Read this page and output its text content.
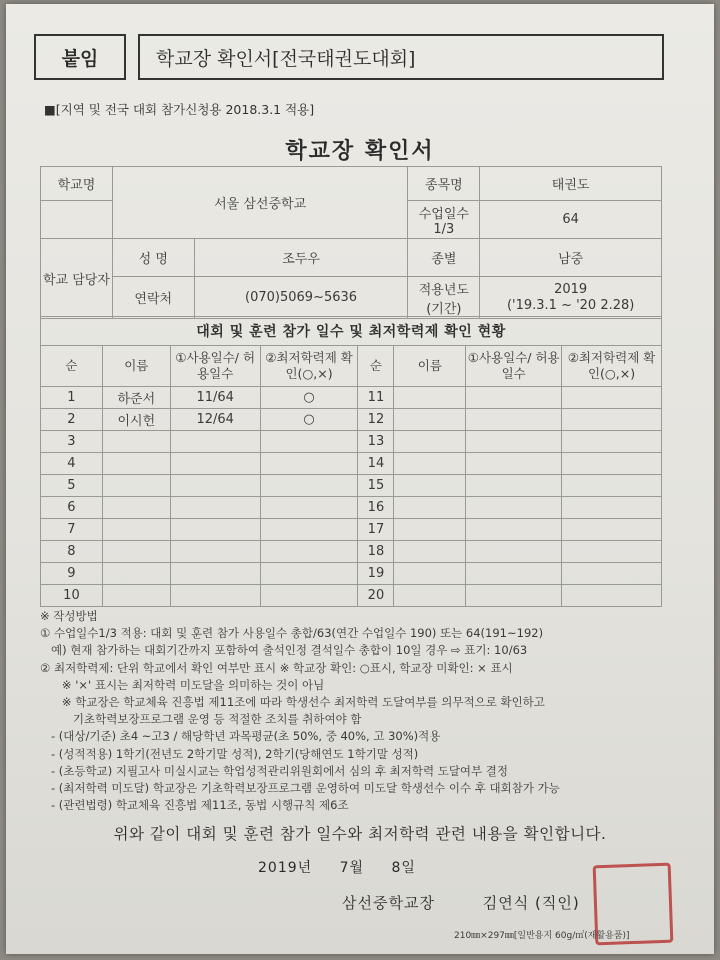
붙임	학교장 확인서[전국태권도대회]
■[지역 및 전국 대회 참가신청용 2018.3.1 적용]
학교장 확인서
학교명	서울 삼선중학교		종목명	태권도
			수업일수 1/3	64
학교 담당자	성 명	조두우	종별	남중
	연락처	(070)5069~5636	적용년도 (기간)	2019
('19.3.1 ~ '20 2.28)
대회 및 훈련 참가 일수 및 최저학력제 확인 현황							
순	이름	①사용일수/ 허용일수	②최저학력제 확인(○,×)	순	이름	①사용일수/ 허용일수	②최저학력제 확인(○,×)
1	하준서	11/64	○	11			
2	이시헌	12/64	○	12			
3				13			
4				14			
5				15			
6				16			
7				17			
8				18			
9				19			
10				20			
※ 작성방법
① 수업일수1/3 적용: 대회 및 훈련 참가 사용일수 총합/63(연간 수업일수 190) 또는 64(191~192)
예) 현재 참가하는 대회기간까지 포함하여 출석인정 결석일수 총합이 10일 경우 ⇨ 표기: 10/63
② 최저학력제: 단위 학교에서 확인 여부만 표시 ※ 학교장 확인: ○표시, 학교장 미확인: × 표시
※ '×' 표시는 최저학력 미도달을 의미하는 것이 아님
※ 학교장은 학교체육 진흥법 제11조에 따라 학생선수 최저학력 도달여부를 의무적으로 확인하고
기초학력보장프로그램 운영 등 적절한 조치를 취하여야 함
- (대상/기준) 초4 ~고3 / 해당학년 과목평균(초 50%, 중 40%, 고 30%)적용
- (성적적용) 1학기(전년도 2학기말 성적), 2학기(당해연도 1학기말 성적)
- (초등학교) 지필고사 미실시교는 학업성적관리위원회에서 심의 후 최저학력 도달여부 결정
- (최저학력 미도달) 학교장은 기초학력보장프로그램 운영하여 미도달 학생선수 이수 후 대회참가 가능
- (관련법령) 학교체육 진흥법 제11조, 동법 시행규칙 제6조
위와 같이 대회 및 훈련 참가 일수와 최저학력 관련 내용을 확인합니다.
2019년 7월 8일
삼선중학교장	김연식 (직인)
210㎜×297㎜[일반용지 60g/㎡(재활용품)]
